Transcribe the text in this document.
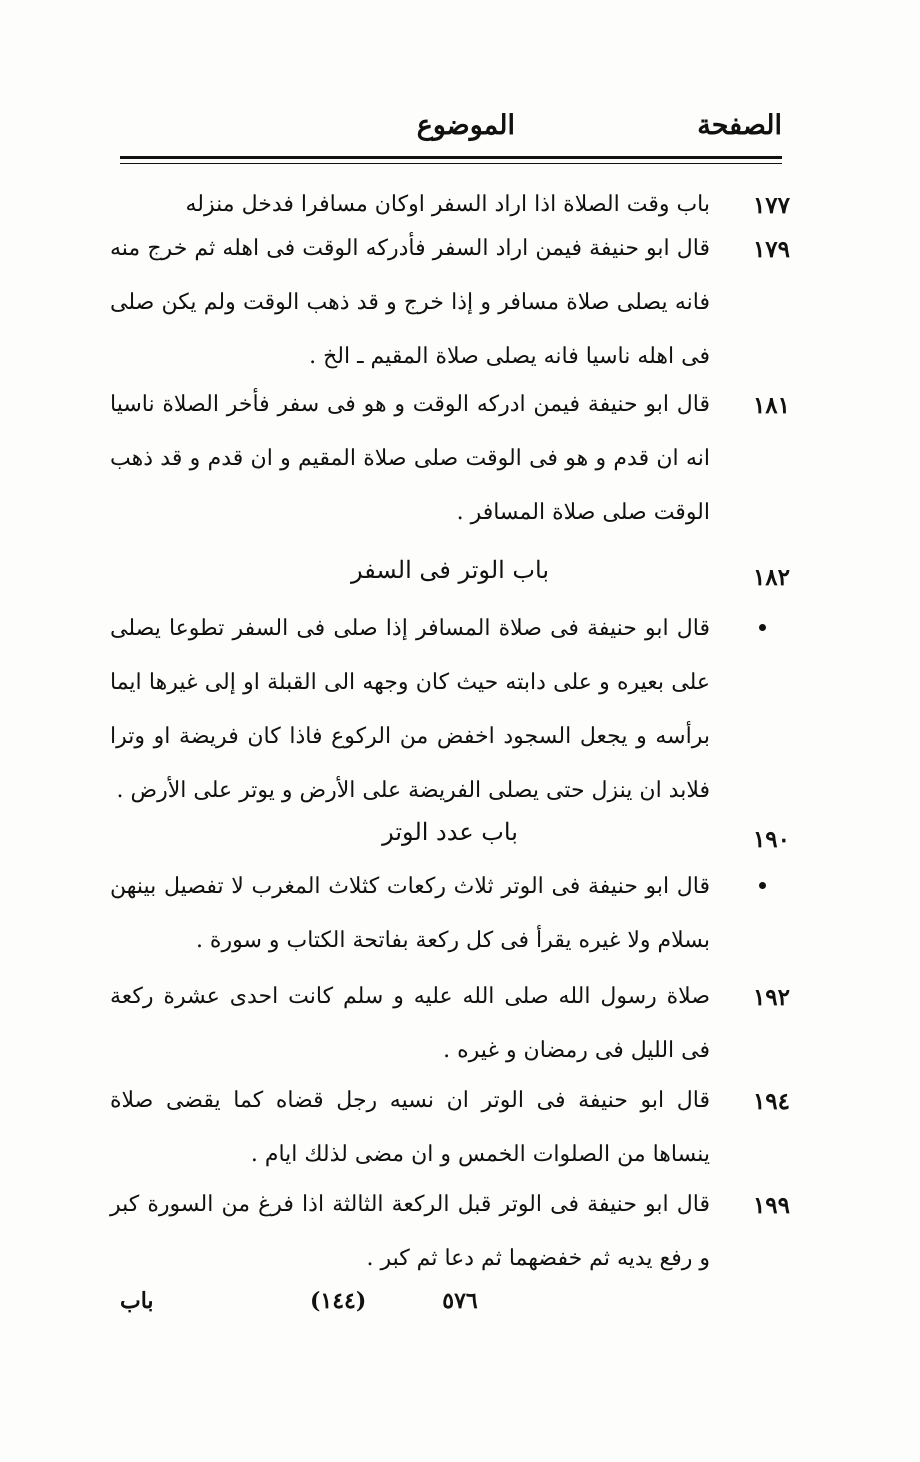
الصفحة
الموضوع
١٧٧
باب وقت الصلاة اذا اراد السفر اوكان مسافرا فدخل منزله
١٧٩
قال ابو حنيفة فيمن اراد السفر فأدركه الوقت فى اهله ثم خرج منه فانه يصلى صلاة مسافر و إذا خرج و قد ذهب الوقت ولم يكن صلى فى اهله ناسيا فانه يصلى صلاة المقيم ـ الخ .
١٨١
قال ابو حنيفة فيمن ادركه الوقت و هو فى سفر فأخر الصلاة ناسيا انه ان قدم و هو فى الوقت صلى صلاة المقيم و ان قدم و قد ذهب الوقت صلى صلاة المسافر .
١٨٢
باب الوتر فى السفر
قال ابو حنيفة فى صلاة المسافر إذا صلى فى السفر تطوعا يصلى على بعيره و على دابته حيث كان وجهه الى القبلة او إلى غيرها ايما برأسه و يجعل السجود اخفض من الركوع فاذا كان فريضة او وترا فلابد ان ينزل حتى يصلى الفريضة على الأرض و يوتر على الأرض .
١٩٠
باب عدد الوتر
قال ابو حنيفة فى الوتر ثلاث ركعات كثلاث المغرب لا تفصيل بينهن بسلام ولا غيره يقرأ فى كل ركعة بفاتحة الكتاب و سورة .
١٩٢
صلاة رسول الله صلى الله عليه و سلم كانت احدى عشرة ركعة فى الليل فى رمضان و غيره .
١٩٤
قال ابو حنيفة فى الوتر ان نسيه رجل قضاه كما يقضى صلاة ينساها من الصلوات الخمس و ان مضى لذلك ايام .
١٩٩
قال ابو حنيفة فى الوتر قبل الركعة الثالثة اذا فرغ من السورة كبر و رفع يديه ثم خفضهما ثم دعا ثم كبر .
٥٧٦
(١٤٤)
باب
